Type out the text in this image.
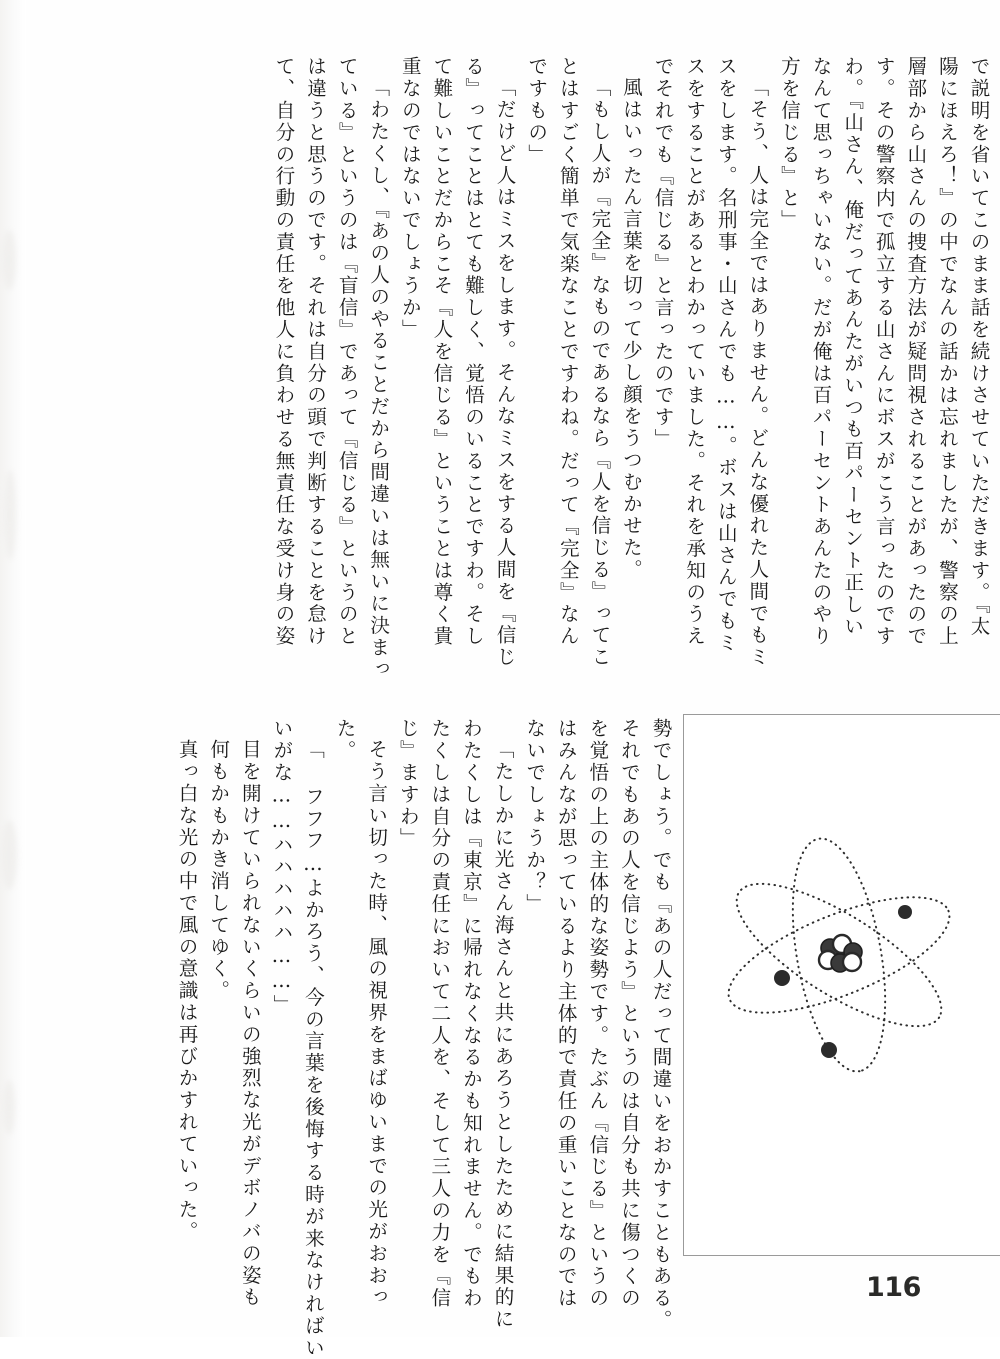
で説明を省いてこのまま話を続けさせていただきます。『太
陽にほえろ！』の中でなんの話かは忘れましたが、警察の上
層部から山さんの捜査方法が疑問視されることがあったので
す。その警察内で孤立する山さんにボスがこう言ったのです
わ。『山さん、俺だってあんたがいつも百パーセント正しい
なんて思っちゃいない。だが俺は百パーセントあんたのやり
方を信じる』と」
「そう、人は完全ではありません。どんな優れた人間でもミ
スをします。名刑事・山さんでも……。ボスは山さんでもミ
スをすることがあるとわかっていました。それを承知のうえ
でそれでも『信じる』と言ったのです」
風はいったん言葉を切って少し顔をうつむかせた。
「もし人が『完全』なものであるなら『人を信じる』ってこ
とはすごく簡単で気楽なことですわね。だって『完全』なん
ですもの」
「だけど人はミスをします。そんなミスをする人間を『信じ
る』ってことはとても難しく、覚悟のいることですわ。そし
て難しいことだからこそ『人を信じる』ということは尊く貴
重なのではないでしょうか」
「わたくし、『あの人のやることだから間違いは無いに決まっ
ている』というのは『盲信』であって『信じる』というのと
は違うと思うのです。それは自分の頭で判断することを怠け
て、自分の行動の責任を他人に負わせる無責任な受け身の姿
勢でしょう。でも『あの人だって間違いをおかすこともある。
それでもあの人を信じよう』というのは自分も共に傷つくの
を覚悟の上の主体的な姿勢です。たぶん『信じる』というの
はみんなが思っているより主体的で責任の重いことなのでは
ないでしょうか？」
「たしかに光さん海さんと共にあろうとしたために結果的に
わたくしは『東京』に帰れなくなるかも知れません。でもわ
たくしは自分の責任において二人を、そして三人の力を『信
じ』ますわ」
そう言い切った時、風の視界をまばゆいまでの光がおおっ
た。
「 フフフ…よかろう、今の言葉を後悔する時が来なければい
いがな……ハハハハハ……」
目を開けていられないくらいの強烈な光がデボノバの姿も
何もかもかき消してゆく。
真っ白な光の中で風の意識は再びかすれていった。
116
